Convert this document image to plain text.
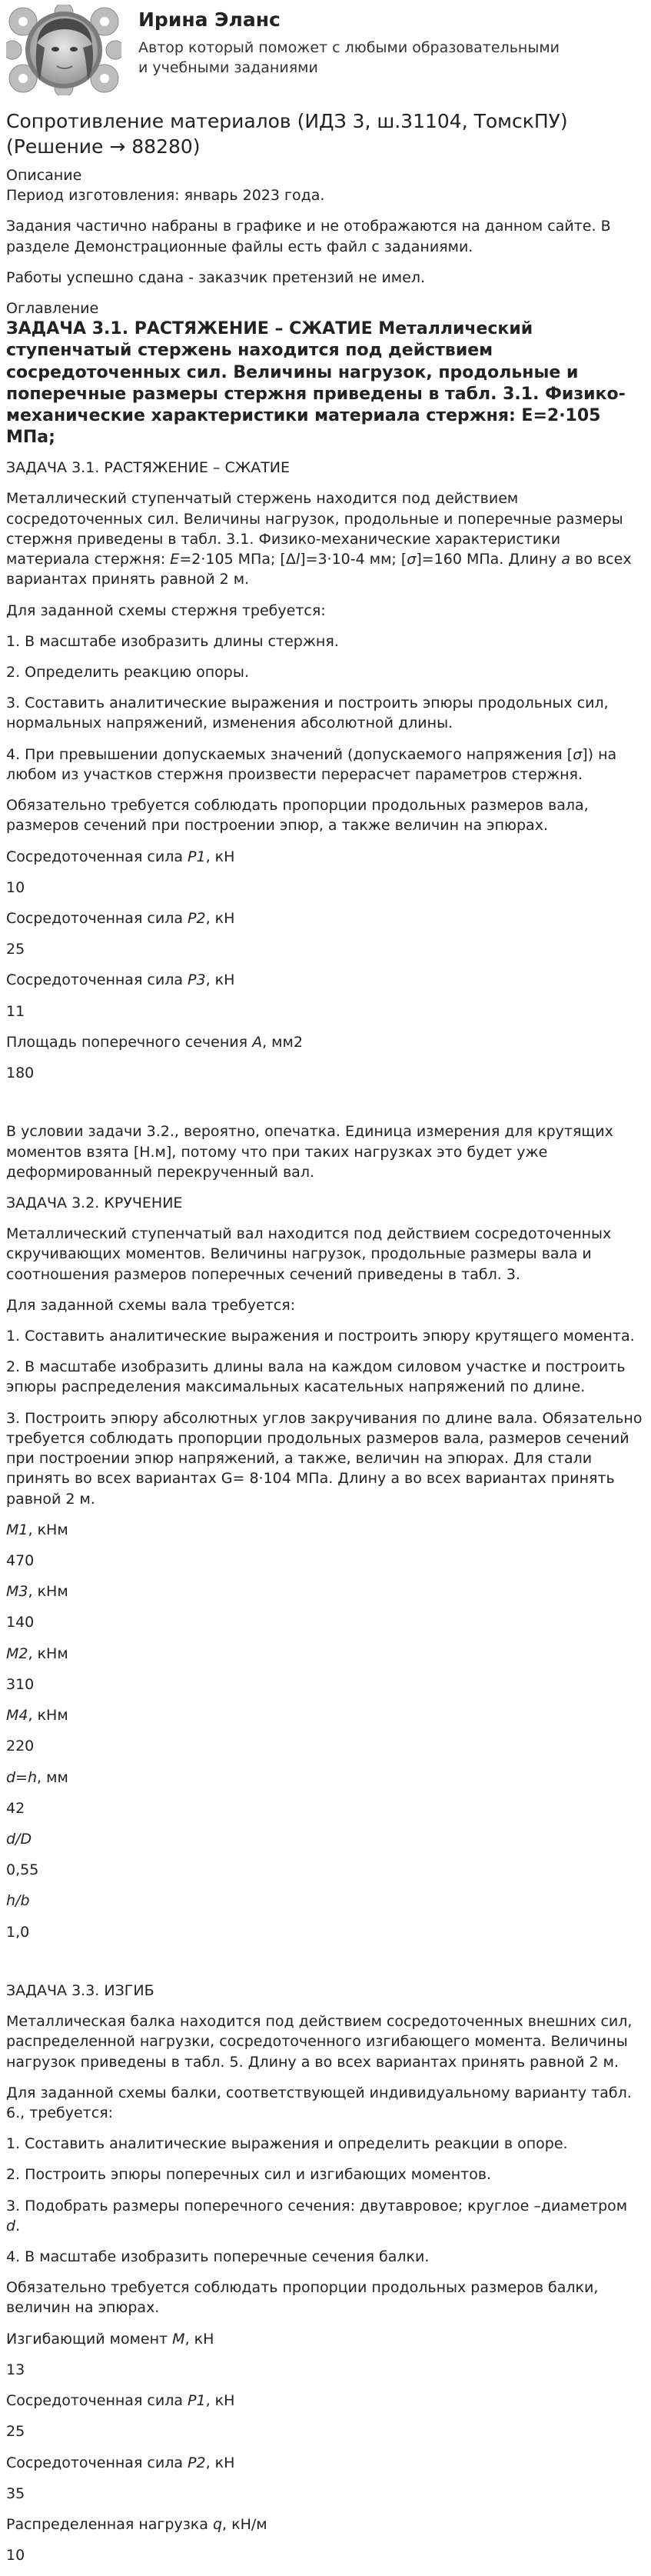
Ирина Эланс
Автор который поможет с любыми образовательными и учебными заданиями
Сопротивление материалов (ИДЗ 3, ш.31104, ТомскПУ) (Решение → 88280)

Описание

Период изготовления: январь 2023 года.

Задания частично набраны в графике и не отображаются на данном сайте. В разделе Демонстрационные файлы есть файл с заданиями.

Работы успешно сдана - заказчик претензий не имел.

Оглавление

ЗАДАЧА 3.1. РАСТЯЖЕНИЕ – СЖАТИЕ Металлический ступенчатый стержень находится под действием сосредоточенных сил. Величины нагрузок, продольные и поперечные размеры стержня приведены в табл. 3.1. Физико-механические характеристики материала стержня: E=2·105 МПа;

ЗАДАЧА 3.1. РАСТЯЖЕНИЕ – СЖАТИЕ

Металлический ступенчатый стержень находится под действием сосредоточенных сил. Величины нагрузок, продольные и поперечные размеры стержня приведены в табл. 3.1. Физико-механические характеристики материала стержня: E=2·105 МПа; [Δl]=3·10-4 мм; [σ]=160 МПа. Длину a во всех вариантах принять равной 2 м.

Для заданной схемы стержня требуется:

1. В масштабе изобразить длины стержня.

2. Определить реакцию опоры.

3. Составить аналитические выражения и построить эпюры продольных сил, нормальных напряжений, изменения абсолютной длины.

4. При превышении допускаемых значений (допускаемого напряжения [σ]) на любом из участков стержня произвести перерасчет параметров стержня.

Обязательно требуется соблюдать пропорции продольных размеров вала, размеров сечений при построении эпюр, а также величин на эпюрах.

Сосредоточенная сила P1, кН

10

Сосредоточенная сила P2, кН

25

Сосредоточенная сила P3, кН

11

Площадь поперечного сечения A, мм2

180

В условии задачи 3.2., вероятно, опечатка. Единица измерения для крутящих моментов взята [Н.м], потому что при таких нагрузках это будет уже деформированный перекрученный вал.

ЗАДАЧА 3.2. КРУЧЕНИЕ

Металлический ступенчатый вал находится под действием сосредоточенных скручивающих моментов. Величины нагрузок, продольные размеры вала и соотношения размеров поперечных сечений приведены в табл. 3.

Для заданной схемы вала требуется:

1. Составить аналитические выражения и построить эпюру крутящего момента.

2. В масштабе изобразить длины вала на каждом силовом участке и построить эпюры распределения максимальных касательных напряжений по длине.

3. Построить эпюру абсолютных углов закручивания по длине вала. Обязательно требуется соблюдать пропорции продольных размеров вала, размеров сечений при построении эпюр напряжений, а также, величин на эпюрах. Для стали принять во всех вариантах G= 8·104 МПа. Длину a во всех вариантах принять равной 2 м.

M1, кНм

470

M3, кНм

140

M2, кНм

310

M4, кНм

220

d=h, мм

42

d/D

0,55

h/b

1,0

ЗАДАЧА 3.3. ИЗГИБ

Металлическая балка находится под действием сосредоточенных внешних сил, распределенной нагрузки, сосредоточенного изгибающего момента. Величины нагрузок приведены в табл. 5. Длину a во всех вариантах принять равной 2 м.

Для заданной схемы балки, соответствующей индивидуальному варианту табл. 6., требуется:

1. Составить аналитические выражения и определить реакции в опоре.

2. Построить эпюры поперечных сил и изгибающих моментов.

3. Подобрать размеры поперечного сечения: двутавровое; круглое –диаметром d.

4. В масштабе изобразить поперечные сечения балки.

Обязательно требуется соблюдать пропорции продольных размеров балки, величин на эпюрах.

Изгибающий момент M, кН

13

Сосредоточенная сила P1, кН

25

Сосредоточенная сила P2, кН

35

Распределенная нагрузка q, кН/м

10
